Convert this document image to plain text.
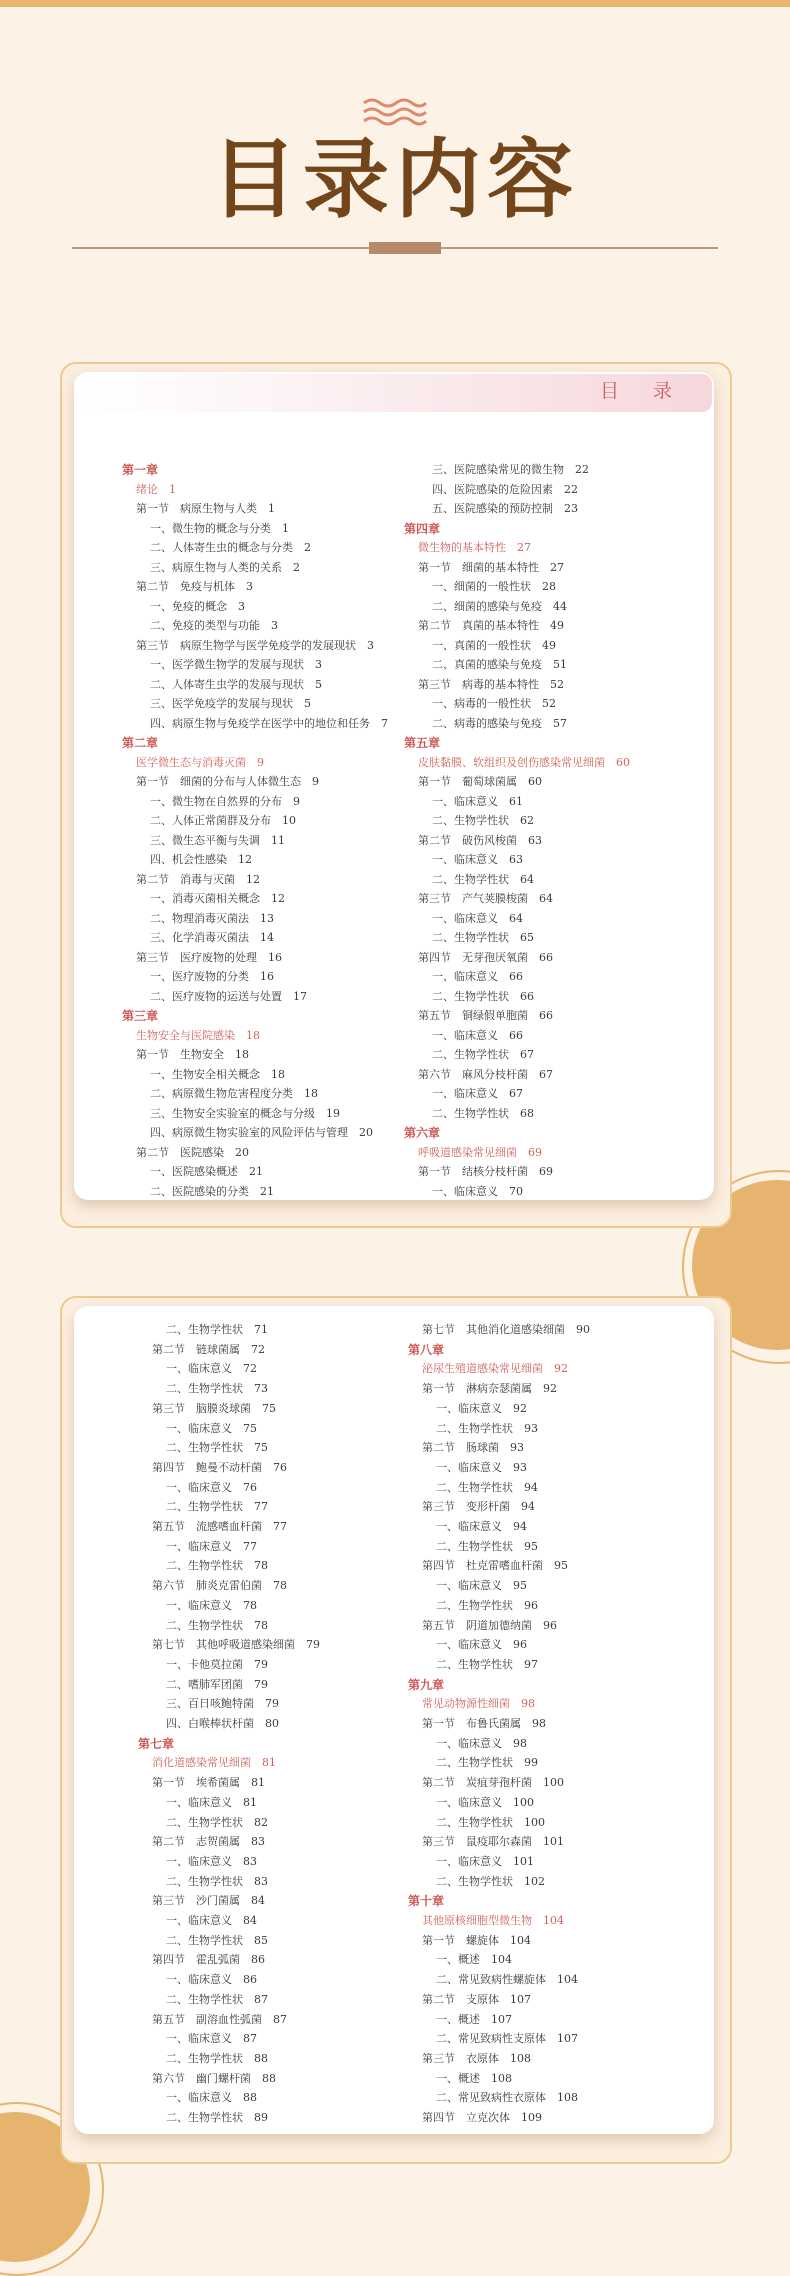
目录内容
目 录
第一章
绪论　1
第一节　病原生物与人类　1
一、微生物的概念与分类　1
二、人体寄生虫的概念与分类　2
三、病原生物与人类的关系　2
第二节　免疫与机体　3
一、免疫的概念　3
二、免疫的类型与功能　3
第三节　病原生物学与医学免疫学的发展现状　3
一、医学微生物学的发展与现状　3
二、人体寄生虫学的发展与现状　5
三、医学免疫学的发展与现状　5
四、病原生物与免疫学在医学中的地位和任务　7
第二章
医学微生态与消毒灭菌　9
第一节　细菌的分布与人体微生态　9
一、微生物在自然界的分布　9
二、人体正常菌群及分布　10
三、微生态平衡与失调　11
四、机会性感染　12
第二节　消毒与灭菌　12
一、消毒灭菌相关概念　12
二、物理消毒灭菌法　13
三、化学消毒灭菌法　14
第三节　医疗废物的处理　16
一、医疗废物的分类　16
二、医疗废物的运送与处置　17
第三章
生物安全与医院感染　18
第一节　生物安全　18
一、生物安全相关概念　18
二、病原微生物危害程度分类　18
三、生物安全实验室的概念与分级　19
四、病原微生物实验室的风险评估与管理　20
第二节　医院感染　20
一、医院感染概述　21
二、医院感染的分类　21
三、医院感染常见的微生物　22
四、医院感染的危险因素　22
五、医院感染的预防控制　23
第四章
微生物的基本特性　27
第一节　细菌的基本特性　27
一、细菌的一般性状　28
二、细菌的感染与免疫　44
第二节　真菌的基本特性　49
一、真菌的一般性状　49
二、真菌的感染与免疫　51
第三节　病毒的基本特性　52
一、病毒的一般性状　52
二、病毒的感染与免疫　57
第五章
皮肤黏膜、软组织及创伤感染常见细菌　60
第一节　葡萄球菌属　60
一、临床意义　61
二、生物学性状　62
第二节　破伤风梭菌　63
一、临床意义　63
二、生物学性状　64
第三节　产气荚膜梭菌　64
一、临床意义　64
二、生物学性状　65
第四节　无芽孢厌氧菌　66
一、临床意义　66
二、生物学性状　66
第五节　铜绿假单胞菌　66
一、临床意义　66
二、生物学性状　67
第六节　麻风分枝杆菌　67
一、临床意义　67
二、生物学性状　68
第六章
呼吸道感染常见细菌　69
第一节　结核分枝杆菌　69
一、临床意义　70
二、生物学性状　71
第二节　链球菌属　72
一、临床意义　72
二、生物学性状　73
第三节　脑膜炎球菌　75
一、临床意义　75
二、生物学性状　75
第四节　鲍曼不动杆菌　76
一、临床意义　76
二、生物学性状　77
第五节　流感嗜血杆菌　77
一、临床意义　77
二、生物学性状　78
第六节　肺炎克雷伯菌　78
一、临床意义　78
二、生物学性状　78
第七节　其他呼吸道感染细菌　79
一、卡他莫拉菌　79
二、嗜肺军团菌　79
三、百日咳鲍特菌　79
四、白喉棒状杆菌　80
第七章
消化道感染常见细菌　81
第一节　埃希菌属　81
一、临床意义　81
二、生物学性状　82
第二节　志贺菌属　83
一、临床意义　83
二、生物学性状　83
第三节　沙门菌属　84
一、临床意义　84
二、生物学性状　85
第四节　霍乱弧菌　86
一、临床意义　86
二、生物学性状　87
第五节　副溶血性弧菌　87
一、临床意义　87
二、生物学性状　88
第六节　幽门螺杆菌　88
一、临床意义　88
二、生物学性状　89
第七节　其他消化道感染细菌　90
第八章
泌尿生殖道感染常见细菌　92
第一节　淋病奈瑟菌属　92
一、临床意义　92
二、生物学性状　93
第二节　肠球菌　93
一、临床意义　93
二、生物学性状　94
第三节　变形杆菌　94
一、临床意义　94
二、生物学性状　95
第四节　杜克雷嗜血杆菌　95
一、临床意义　95
二、生物学性状　96
第五节　阴道加德纳菌　96
一、临床意义　96
二、生物学性状　97
第九章
常见动物源性细菌　98
第一节　布鲁氏菌属　98
一、临床意义　98
二、生物学性状　99
第二节　炭疽芽孢杆菌　100
一、临床意义　100
二、生物学性状　100
第三节　鼠疫耶尔森菌　101
一、临床意义　101
二、生物学性状　102
第十章
其他原核细胞型微生物　104
第一节　螺旋体　104
一、概述　104
二、常见致病性螺旋体　104
第二节　支原体　107
一、概述　107
二、常见致病性支原体　107
第三节　衣原体　108
一、概述　108
二、常见致病性衣原体　108
第四节　立克次体　109
